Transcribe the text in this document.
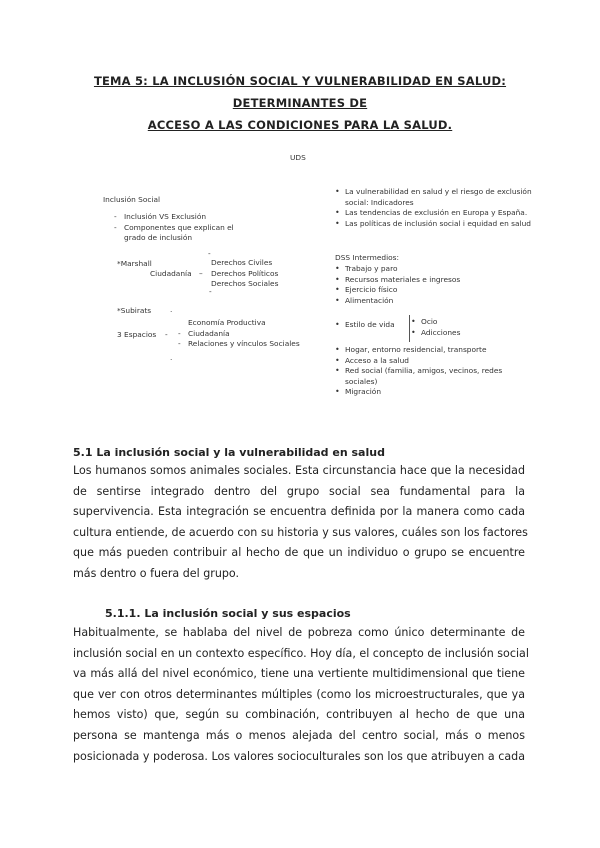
TEMA 5: LA INCLUSIÓN SOCIAL Y VULNERABILIDAD EN SALUD: DETERMINANTES DE
ACCESO A LAS CONDICIONES PARA LA SALUD.
UDS
Inclusión Social
- Inclusión VS Exclusión
- Componentes que explican el
grado de inclusión
*Marshall
Ciudadanía –
-
-
Derechos Civiles
Derechos Políticos
Derechos Sociales
*Subirats
3 Espacios -
.
.
Economía Productiva
- Ciudadanía
- Relaciones y vínculos Sociales
• La vulnerabilidad en salud y el riesgo de exclusión
social: Indicadores
• Las tendencias de exclusión en Europa y España.
• Las políticas de inclusión social i equidad en salud
DSS Intermedios:
• Trabajo y paro
• Recursos materiales e ingresos
• Ejercicio físico
• Alimentación
• Estilo de vida
•	Ocio
• Adicciones
• Hogar, entorno residencial, transporte
• Acceso a la salud
• Red social (familia, amigos, vecinos, redes
sociales)
• Migración
5.1 La inclusión social y la vulnerabilidad en salud
Los humanos somos animales sociales. Esta circunstancia hace que la necesidad
de sentirse integrado dentro del grupo social sea fundamental para la
supervivencia. Esta integración se encuentra definida por la manera como cada
cultura entiende, de acuerdo con su historia y sus valores, cuáles son los factores
que más pueden contribuir al hecho de que un individuo o grupo se encuentre
más dentro o fuera del grupo.
5.1.1. La inclusión social y sus espacios
Habitualmente, se hablaba del nivel de pobreza como único determinante de
inclusión social en un contexto específico. Hoy día, el concepto de inclusión social
va más allá del nivel económico, tiene una vertiente multidimensional que tiene
que ver con otros determinantes múltiples (como los microestructurales, que ya
hemos visto) que, según su combinación, contribuyen al hecho de que una
persona se mantenga más o menos alejada del centro social, más o menos
posicionada y poderosa. Los valores socioculturales son los que atribuyen a cada
